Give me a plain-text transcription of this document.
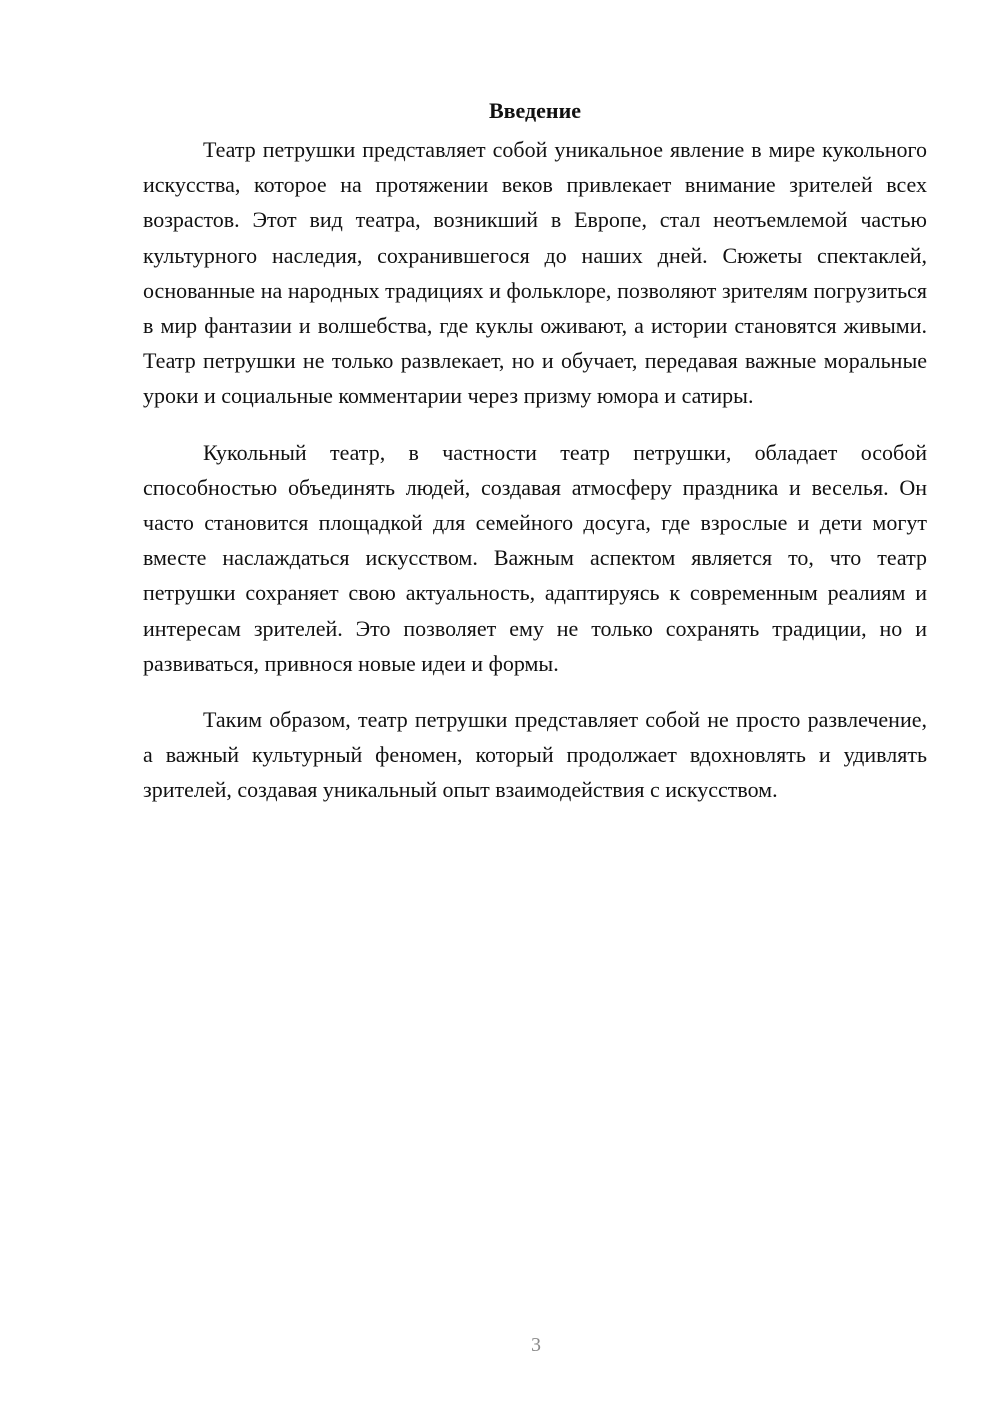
Введение

Театр петрушки представляет собой уникальное явление в мире кукольного искусства, которое на протяжении веков привлекает внимание зрителей всех возрастов. Этот вид театра, возникший в Европе, стал неотъемлемой частью культурного наследия, сохранившегося до наших дней. Сюжеты спектаклей, основанные на народных традициях и фольклоре, позволяют зрителям погрузиться в мир фантазии и волшебства, где куклы оживают, а истории становятся живыми. Театр петрушки не только развлекает, но и обучает, передавая важные моральные уроки и социальные комментарии через призму юмора и сатиры.

Кукольный театр, в частности театр петрушки, обладает особой способностью объединять людей, создавая атмосферу праздника и веселья. Он часто становится площадкой для семейного досуга, где взрослые и дети могут вместе наслаждаться искусством. Важным аспектом является то, что театр петрушки сохраняет свою актуальность, адаптируясь к современным реалиям и интересам зрителей. Это позволяет ему не только сохранять традиции, но и развиваться, привнося новые идеи и формы.

Таким образом, театр петрушки представляет собой не просто развлечение, а важный культурный феномен, который продолжает вдохновлять и удивлять зрителей, создавая уникальный опыт взаимодействия с искусством.

3
